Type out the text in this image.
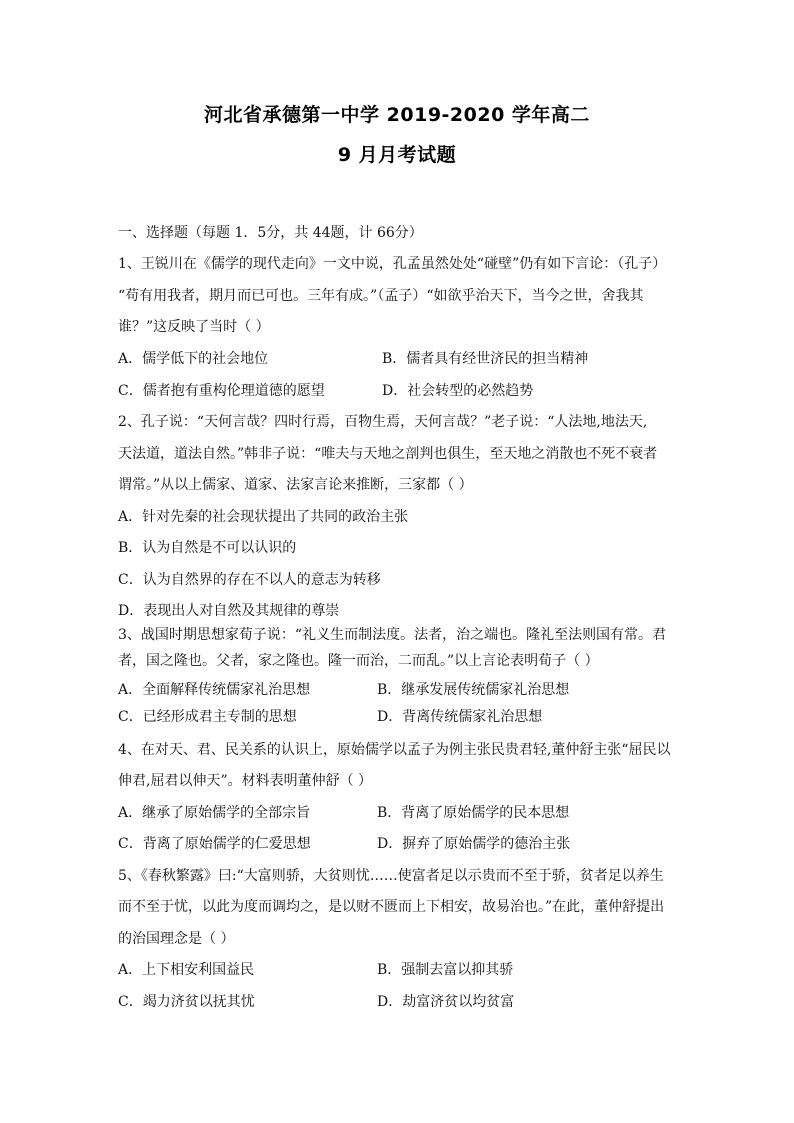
河北省承德第一中学 2019-2020 学年高二
9 月月考试题
一、选择题（每题 1．5分，共 44题，计 66分）
1、王锐川在《儒学的现代走向》一文中说，孔孟虽然处处“碰壁”仍有如下言论：（孔子）
“苟有用我者，期月而已可也。三年有成。”（孟子）“如欲乎治天下，当今之世，舍我其
谁？”这反映了当时（ ）
A．儒学低下的社会地位	B．儒者具有经世济民的担当精神
C．儒者抱有重构伦理道德的愿望	D．社会转型的必然趋势
2、孔子说：“天何言哉？四时行焉，百物生焉，天何言哉？”老子说：“人法地,地法天,
天法道，道法自然。”韩非子说：“唯夫与天地之剖判也俱生，至天地之消散也不死不衰者
谓常。”从以上儒家、道家、法家言论来推断，三家都（ ）
A．针对先秦的社会现状提出了共同的政治主张
B．认为自然是不可以认识的
C．认为自然界的存在不以人的意志为转移
D．表现出人对自然及其规律的尊崇
3、战国时期思想家荀子说：“礼义生而制法度。法者，治之端也。隆礼至法则国有常。君
者，国之隆也。父者，家之隆也。隆一而治，二而乱。”以上言论表明荀子（ ）
A．全面解释传统儒家礼治思想	B．继承发展传统儒家礼治思想
C．已经形成君主专制的思想	D．背离传统儒家礼治思想
4、在对天、君、民关系的认识上，原始儒学以孟子为例主张民贵君轻,董仲舒主张“屈民以
伸君,屈君以伸天”。材料表明董仲舒（ ）
A．继承了原始儒学的全部宗旨	B．背离了原始儒学的民本思想
C．背离了原始儒学的仁爱思想	D．摒弃了原始儒学的德治主张
5、《春秋繁露》曰:“大富则骄，大贫则忧……使富者足以示贵而不至于骄，贫者足以养生
而不至于忧，以此为度而调均之，是以财不匮而上下相安，故易治也。”在此，董仲舒提出
的治国理念是（ ）
A．上下相安利国益民	B．强制去富以抑其骄
C．竭力济贫以抚其忧	D．劫富济贫以均贫富
